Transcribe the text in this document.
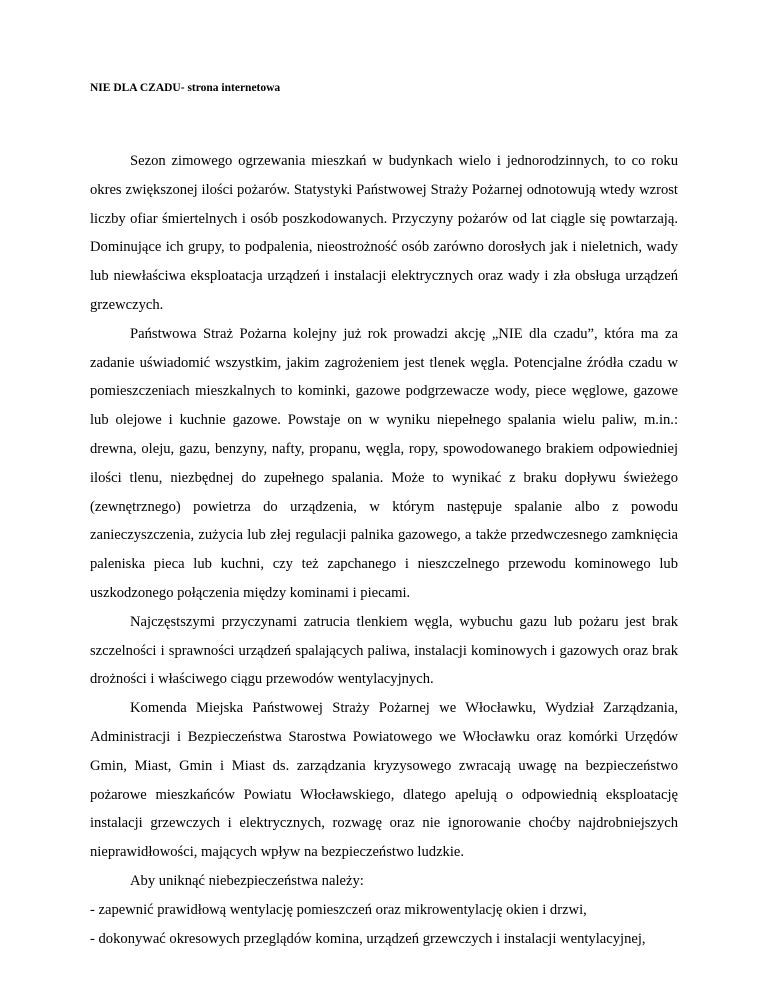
NIE DLA CZADU- strona internetowa

Sezon zimowego ogrzewania mieszkań w budynkach wielo i jednorodzinnych, to co roku okres zwiększonej ilości pożarów. Statystyki Państwowej Straży Pożarnej odnotowują wtedy wzrost liczby ofiar śmiertelnych i osób poszkodowanych. Przyczyny pożarów od lat ciągle się powtarzają. Dominujące ich grupy, to podpalenia, nieostrożność osób zarówno dorosłych jak i nieletnich, wady lub niewłaściwa eksploatacja urządzeń i instalacji elektrycznych oraz wady i zła obsługa urządzeń grzewczych.

Państwowa Straż Pożarna kolejny już rok prowadzi akcję „NIE dla czadu”, która ma za zadanie uświadomić wszystkim, jakim zagrożeniem jest tlenek węgla. Potencjalne źródła czadu w pomieszczeniach mieszkalnych to kominki, gazowe podgrzewacze wody, piece węglowe, gazowe lub olejowe i kuchnie gazowe. Powstaje on w wyniku niepełnego spalania wielu paliw, m.in.: drewna, oleju, gazu, benzyny, nafty, propanu, węgla, ropy, spowodowanego brakiem odpowiedniej ilości tlenu, niezbędnej do zupełnego spalania. Może to wynikać z braku dopływu świeżego (zewnętrznego) powietrza do urządzenia, w którym następuje spalanie albo z powodu zanieczyszczenia, zużycia lub złej regulacji palnika gazowego, a także przedwczesnego zamknięcia paleniska pieca lub kuchni, czy też zapchanego i nieszczelnego przewodu kominowego lub uszkodzonego połączenia między kominami i piecami.

Najczęstszymi przyczynami zatrucia tlenkiem węgla, wybuchu gazu lub pożaru jest brak szczelności i sprawności urządzeń spalających paliwa, instalacji kominowych i gazowych oraz brak drożności i właściwego ciągu przewodów wentylacyjnych.

Komenda Miejska Państwowej Straży Pożarnej we Włocławku, Wydział Zarządzania, Administracji i Bezpieczeństwa Starostwa Powiatowego we Włocławku oraz komórki Urzędów Gmin, Miast, Gmin i Miast ds. zarządzania kryzysowego zwracają uwagę na bezpieczeństwo pożarowe mieszkańców Powiatu Włocławskiego, dlatego apelują o odpowiednią eksploatację instalacji grzewczych i elektrycznych, rozwagę oraz nie ignorowanie choćby najdrobniejszych nieprawidłowości, mających wpływ na bezpieczeństwo ludzkie.

Aby uniknąć niebezpieczeństwa należy:

- zapewnić prawidłową wentylację pomieszczeń oraz mikrowentylację okien i drzwi,
- dokonywać okresowych przeglądów komina, urządzeń grzewczych i instalacji wentylacyjnej,
